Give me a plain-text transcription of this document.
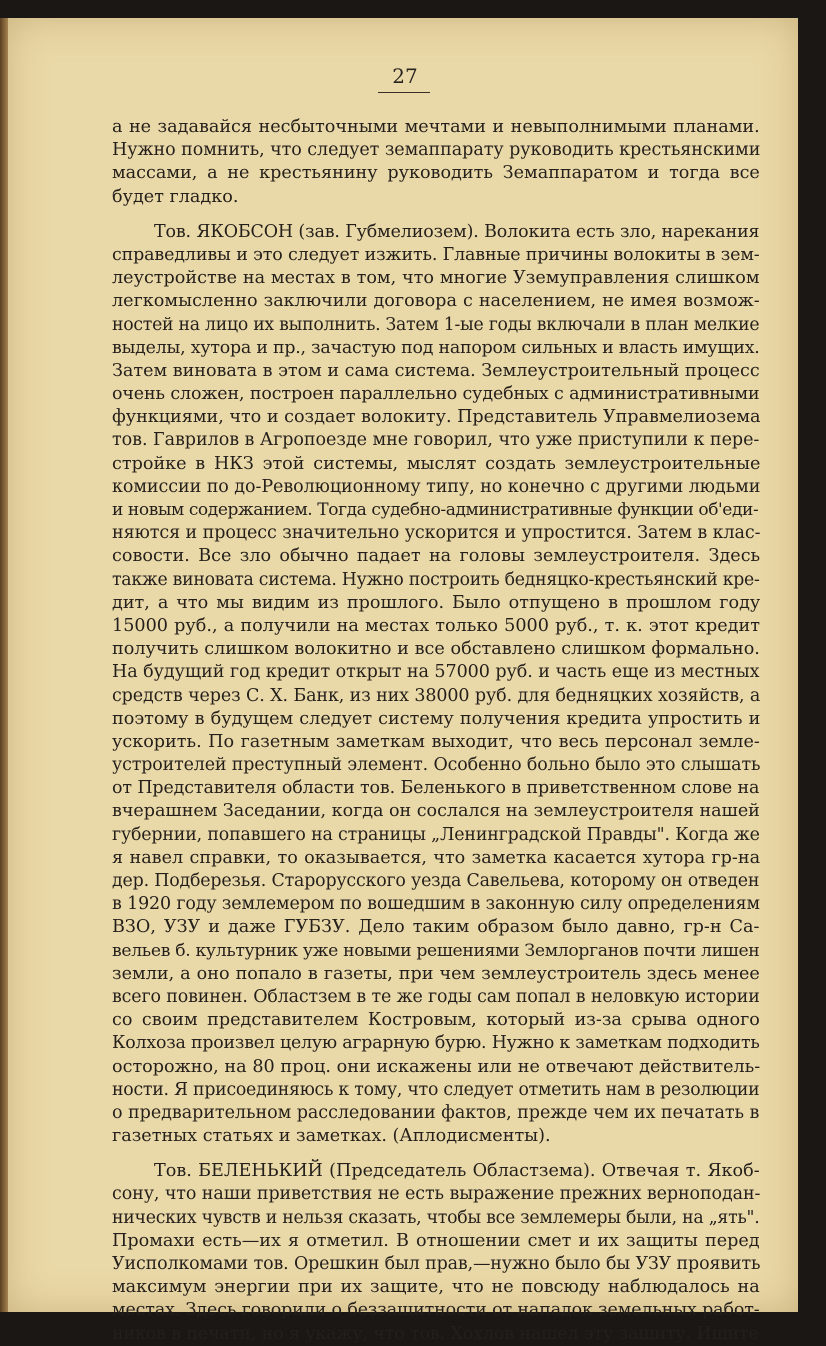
27
а не задавайся несбыточными мечтами и невыполнимыми планами.
Нужно помнить, что следует земаппарату руководить крестьянскими
массами, а не крестьянину руководить Земаппаратом и тогда все
будет гладко.
Тов. ЯКОБСОН (зав. Губмелиозем). Волокита есть зло, нарекания
справедливы и это следует изжить. Главные причины волокиты в зем-
леустройстве на местах в том, что многие Уземуправления слишком
легкомысленно заключили договора с населением, не имея возмож-
ностей на лицо их выполнить. Затем 1-ые годы включали в план мелкие
выделы, хутора и пр., зачастую под напором сильных и власть имущих.
Затем виновата в этом и сама система. Землеустроительный процесс
очень сложен, построен параллельно судебных с административными
функциями, что и создает волокиту. Представитель Управмелиозема
тов. Гаврилов в Агропоезде мне говорил, что уже приступили к пере-
стройке в НКЗ этой системы, мыслят создать землеустроительные
комиссии по до-Революционному типу, но конечно с другими людьми
и новым содержанием. Тогда судебно-административные функции об'еди-
няются и процесс значительно ускорится и упростится. Затем в клас-
совости. Все зло обычно падает на головы землеустроителя. Здесь
также виновата система. Нужно построить бедняцко-крестьянский кре-
дит, а что мы видим из прошлого. Было отпущено в прошлом году
15000 руб., а получили на местах только 5000 руб., т. к. этот кредит
получить слишком волокитно и все обставлено слишком формально.
На будущий год кредит открыт на 57000 руб. и часть еще из местных
средств через С. Х. Банк, из них 38000 руб. для бедняцких хозяйств, а
поэтому в будущем следует систему получения кредита упростить и
ускорить. По газетным заметкам выходит, что весь персонал земле-
устроителей преступный элемент. Особенно больно было это слышать
от Представителя области тов. Беленького в приветственном слове на
вчерашнем Заседании, когда он сослался на землеустроителя нашей
губернии, попавшего на страницы „Ленинградской Правды". Когда же
я навел справки, то оказывается, что заметка касается хутора гр-на
дер. Подберезья. Старорусского уезда Савельева, которому он отведен
в 1920 году землемером по вошедшим в законную силу определениям
ВЗО, УЗУ и даже ГУБЗУ. Дело таким образом было давно, гр-н Са-
вельев б. культурник уже новыми решениями Землорганов почти лишен
земли, а оно попало в газеты, при чем землеустроитель здесь менее
всего повинен. Областзем в те же годы сам попал в неловкую истории
со своим представителем Костровым, который из-за срыва одного
Колхоза произвел целую аграрную бурю. Нужно к заметкам подходить
осторожно, на 80 проц. они искажены или не отвечают действитель-
ности. Я присоединяюсь к тому, что следует отметить нам в резолюции
о предварительном расследовании фактов, прежде чем их печатать в
газетных статьях и заметках. (Аплодисменты).
Тов. БЕЛЕНЬКИЙ (Председатель Областзема). Отвечая т. Якоб-
сону, что наши приветствия не есть выражение прежних верноподан-
нических чувств и нельзя сказать, чтобы все землемеры были, на „ять".
Промахи есть—их я отметил. В отношении смет и их защиты перед
Уисполкомами тов. Орешкин был прав,—нужно было бы УЗУ проявить
максимум энергии при их защите, что не повсюду наблюдалось на
местах. Здесь говорили о беззащитности от нападок земельных работ-
ников в печати, но я укажу, что тов. Хохлов нашел эту защиту. Ищите
